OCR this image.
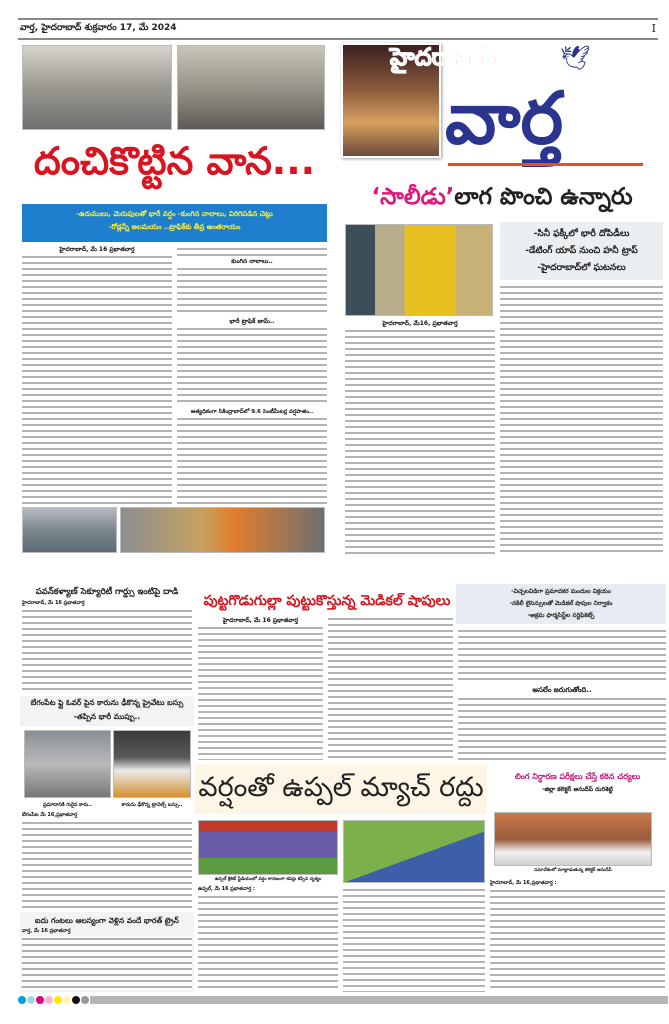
వార్త, హైదరాబాద్ శుక్రవారం 17, మే 2024	I
దంచికొట్టిన వాన...
-ఉరుములు, మెరుపులతో భారీ వర్షం -కుంగిన నాలాలు, విరిగిపడిన చెట్లు
-రోడ్లన్నీ జలమయం ..ట్రాఫిక్‌కు తీవ్ర అంతరాయం
హైదరాబాద్, మే 16 ప్రభాతవార్త
కుంగిన నాలాలు..
భారీ ట్రాఫిక్ జామ్..
అత్యధికంగా సికింద్రాబాద్‌లో 9.6 సెంటీమీటర్ల వర్షపాతం..
హైదరాబాద్	🕊
వార్త
‘సాలీడు’లాగ పొంచి ఉన్నారు
-సినీ ఫక్కీలో భారీ దోపిడీలు
-డేటింగ్ యాప్ నుంచి హనీ ట్రాప్
-హైదరాబాద్‌లో ఘటనలు
హైదరాబాద్, మే16, ప్రభాతవార్త
పవన్‌కళ్యాణ్ సెక్యూరిటీ గార్డ్సు ఇంటిపై దాడి
హైదరాబాద్, మే 16 ప్రభాతవార్త
బేగంపేట ఫ్లై ఓవర్ పైన కారును ఢీకొన్న ప్రైవేటు బస్సు
-తప్పిన భారీ ముప్పు..
ప్రమాదానికి గురైన కారు..	కారును ఢీకొన్న ట్రావెల్స్ బస్సు..
బేగంపేట మే 16,ప్రభాతవార్త
ఐదు గంటలు ఆలస్యంగా వెళ్లిన వందే భారత్ ట్రైన్
వార్త, మే 16 ప్రభాతవార్త
పుట్టగొడుగుల్లా పుట్టుకొస్తున్న మెడికల్ షాపులు
-విచ్చలవిడిగా ప్రమాదకర మందుల విక్రయం
-నకిలీ లైసెన్సులతో మెడికల్ షాపుల నిర్వాకం
-అక్రమ ఫార్మసిస్ట్‌ల సర్టిఫికెట్స్
హైదరాబాద్, మే 16 ప్రభాతవార్త
అసలేం జరుగుతోంది..
వర్షంతో ఉప్పల్ మ్యాచ్ రద్దు
ఉప్పల్ క్రికెట్ స్టేడియంలో వర్షం కారణంగా కవర్లు కప్పిన దృశ్యం
ఉప్పల్, మే 16 ప్రభాతవార్త :
లింగ నిర్ధారణ పరీక్షలు చేస్తే కఠిన చర్యలు
-జిల్లా కలెక్టర్ అనుదీప్ దురిశెట్టి
సమావేశంలో మాట్లాడుతున్న కలెక్టర్ అనుదీప్
హైదరాబాద్, మే 16,ప్రభాతవార్త :
